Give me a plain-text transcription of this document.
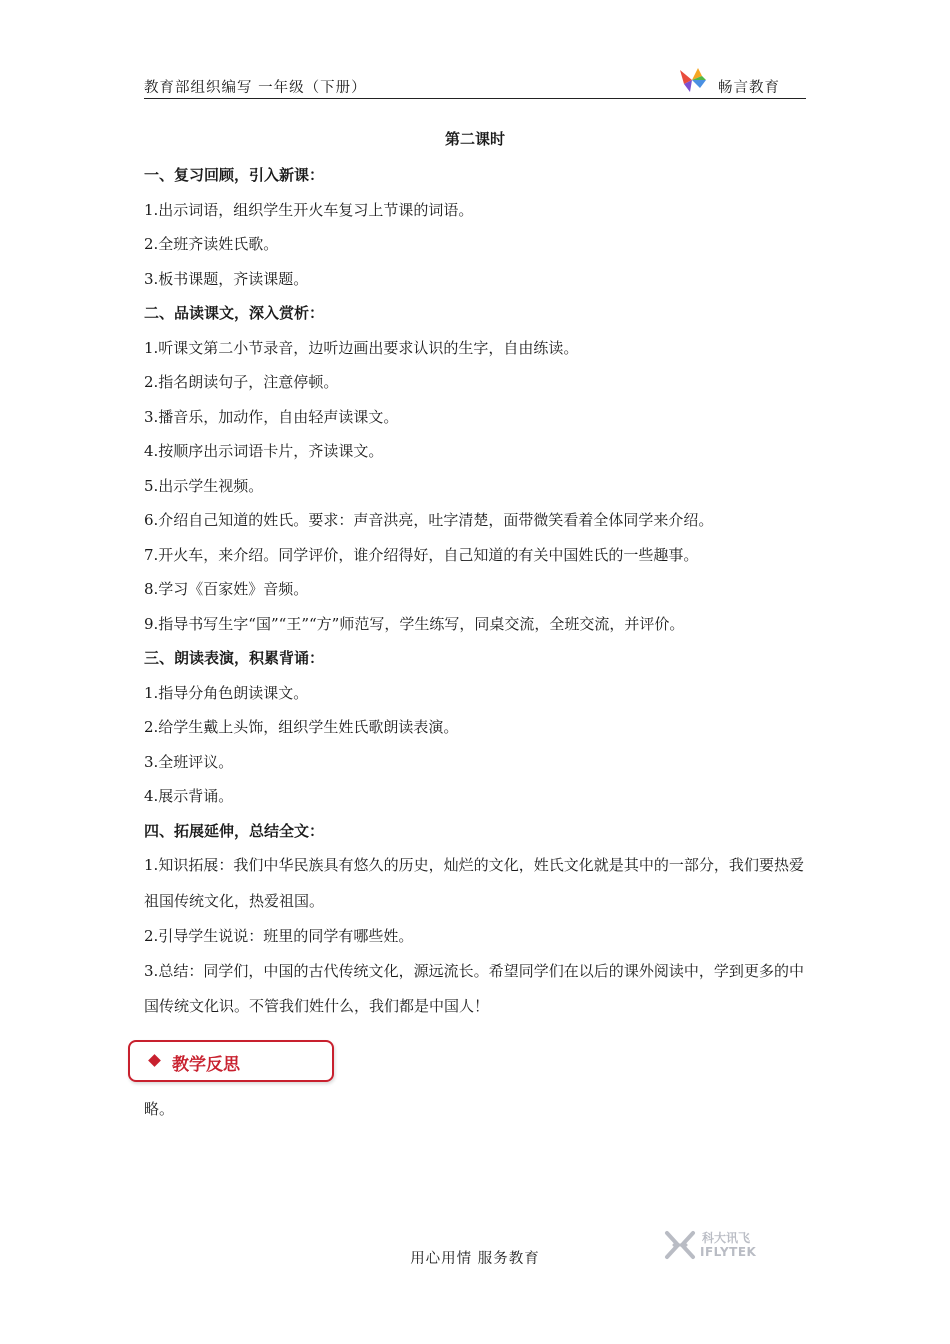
教育部组织编写 一年级（下册）	畅言教育
第二课时

一、复习回顾，引入新课：

1.出示词语，组织学生开火车复习上节课的词语。

2.全班齐读姓氏歌。

3.板书课题，齐读课题。

二、品读课文，深入赏析：

1.听课文第二小节录音，边听边画出要求认识的生字，自由练读。

2.指名朗读句子，注意停顿。

3.播音乐，加动作，自由轻声读课文。

4.按顺序出示词语卡片，齐读课文。

5.出示学生视频。

6.介绍自己知道的姓氏。要求：声音洪亮，吐字清楚，面带微笑看着全体同学来介绍。

7.开火车，来介绍。同学评价，谁介绍得好，自己知道的有关中国姓氏的一些趣事。

8.学习《百家姓》音频。

9.指导书写生字“国”“王”“方”师范写，学生练写，同桌交流，全班交流，并评价。

三、朗读表演，积累背诵：

1.指导分角色朗读课文。

2.给学生戴上头饰，组织学生姓氏歌朗读表演。

3.全班评议。

4.展示背诵。

四、拓展延伸，总结全文：

1.知识拓展：我们中华民族具有悠久的历史，灿烂的文化，姓氏文化就是其中的一部分，我们要热爱祖国传统文化，热爱祖国。

2.引导学生说说：班里的同学有哪些姓。

3.总结：同学们，中国的古代传统文化，源远流长。希望同学们在以后的课外阅读中，学到更多的中国传统文化识。不管我们姓什么，我们都是中国人！

教学反思
略。
用心用情 服务教育
科大讯飞
IFLYTEK
